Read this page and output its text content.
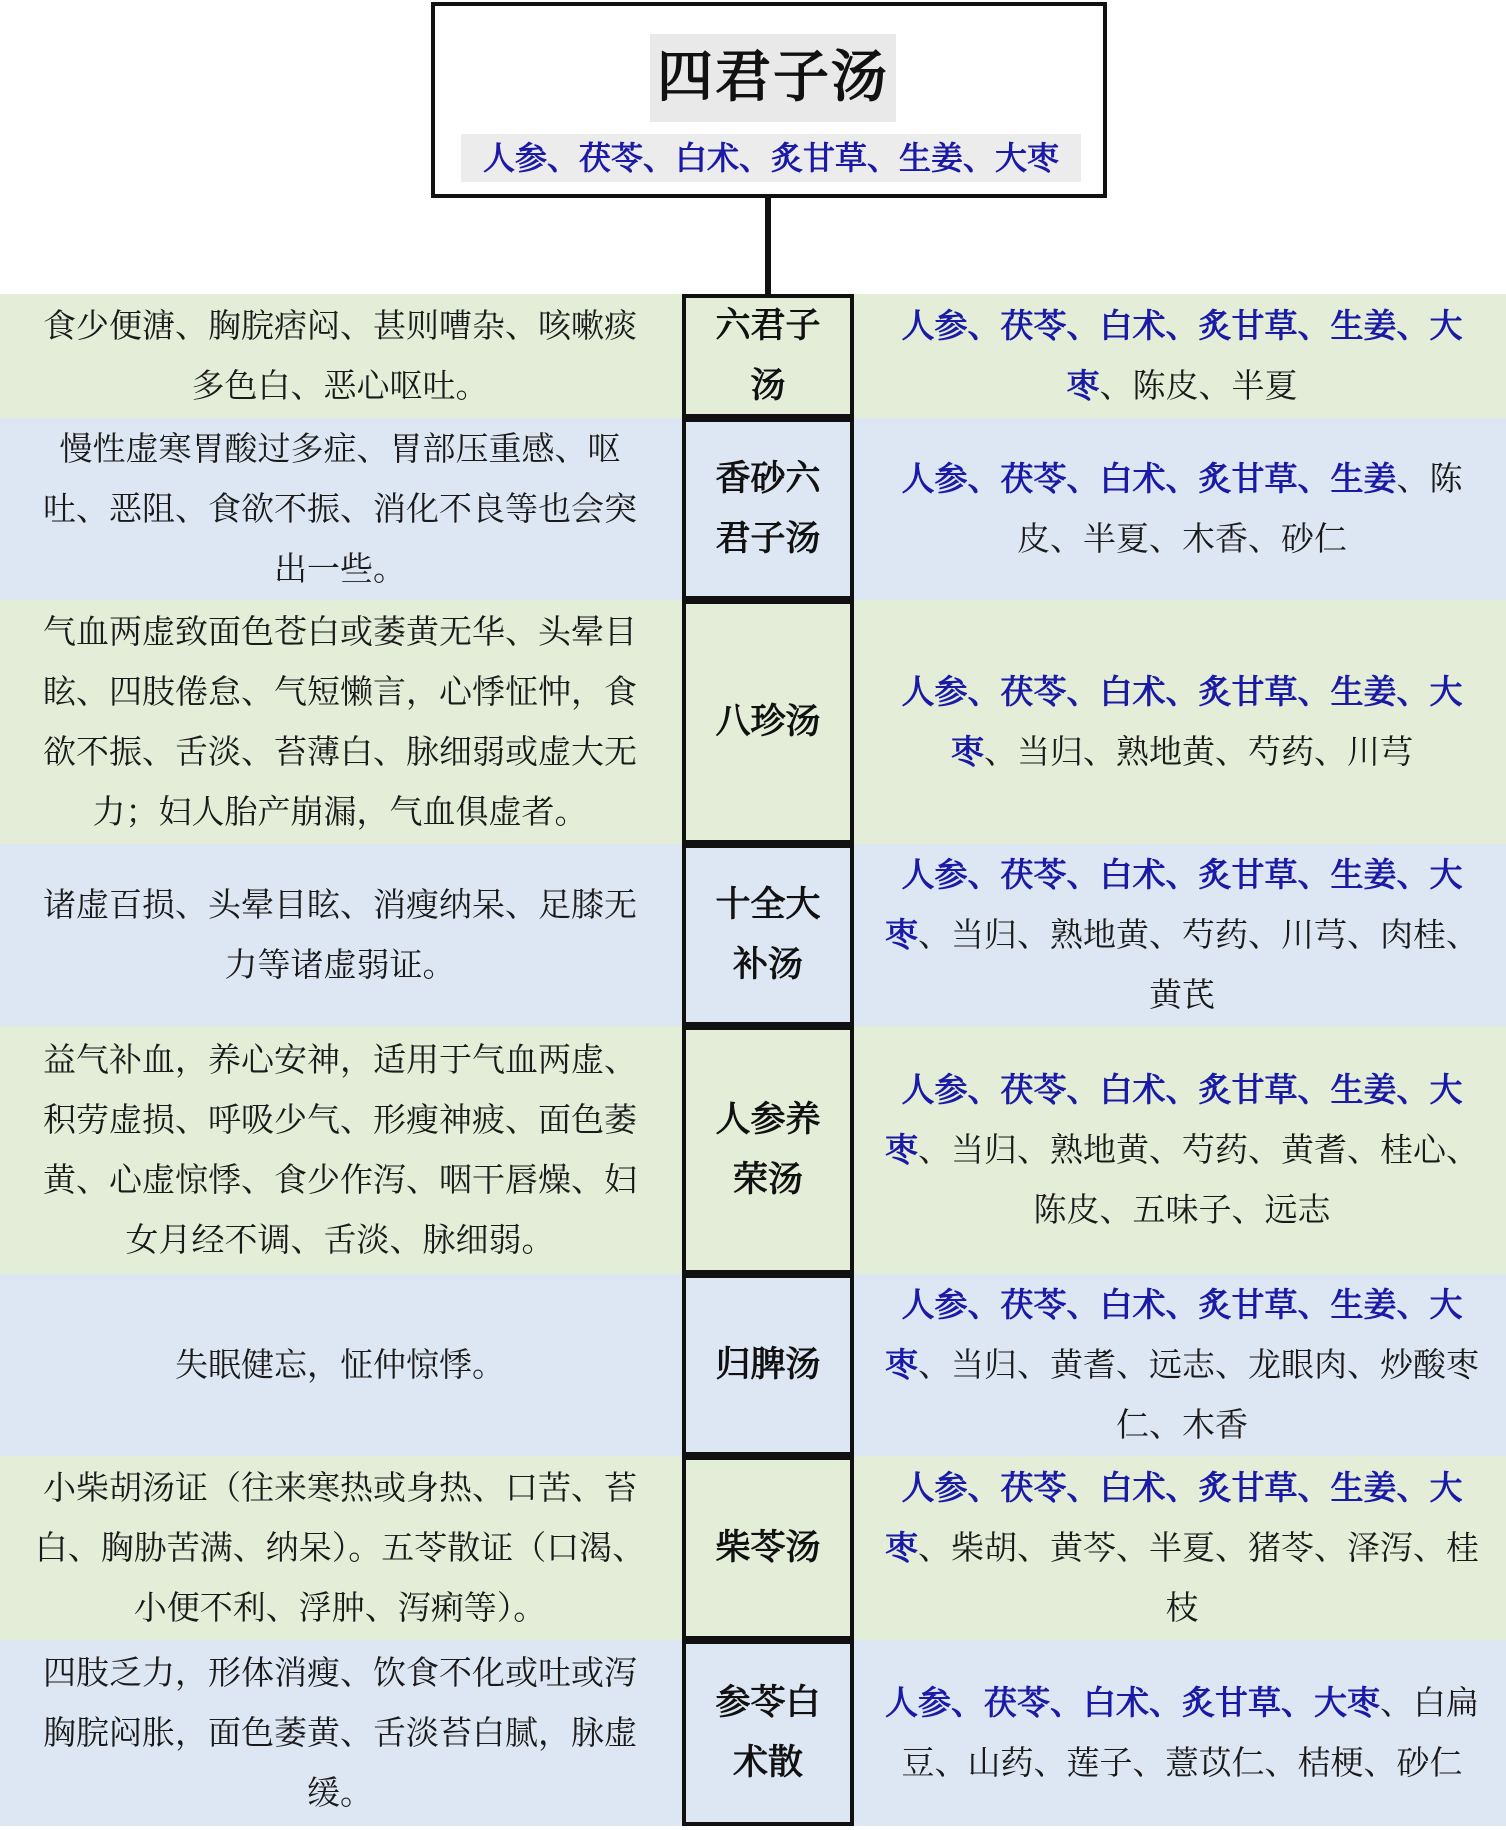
四君子汤
人参、茯苓、白术、炙甘草、生姜、大枣
食少便溏、胸脘痞闷、甚则嘈杂、咳嗽痰多色白、恶心呕吐。
六君子汤
人参、茯苓、白术、炙甘草、生姜、大枣、陈皮、半夏
慢性虚寒胃酸过多症、胃部压重感、呕吐、恶阻、食欲不振、消化不良等也会突出一些。
香砂六君子汤
人参、茯苓、白术、炙甘草、生姜、陈皮、半夏、木香、砂仁
气血两虚致面色苍白或萎黄无华、头晕目眩、四肢倦怠、气短懒言，心悸怔忡，食欲不振、舌淡、苔薄白、脉细弱或虚大无力；妇人胎产崩漏，气血俱虚者。
八珍汤
人参、茯苓、白术、炙甘草、生姜、大枣、当归、熟地黄、芍药、川芎
诸虚百损、头晕目眩、消瘦纳呆、足膝无力等诸虚弱证。
十全大补汤
人参、茯苓、白术、炙甘草、生姜、大枣、当归、熟地黄、芍药、川芎、肉桂、黄芪
益气补血，养心安神，适用于气血两虚、积劳虚损、呼吸少气、形瘦神疲、面色萎黄、心虚惊悸、食少作泻、咽干唇燥、妇女月经不调、舌淡、脉细弱。
人参养荣汤
人参、茯苓、白术、炙甘草、生姜、大枣、当归、熟地黄、芍药、黄耆、桂心、陈皮、五味子、远志
失眠健忘，怔仲惊悸。	归脾汤
人参、茯苓、白术、炙甘草、生姜、大枣、当归、黄耆、远志、龙眼肉、炒酸枣仁、木香
小柴胡汤证（往来寒热或身热、口苦、苔白、胸胁苦满、纳呆）。五苓散证（口渴、小便不利、浮肿、泻痢等）。
柴苓汤
人参、茯苓、白术、炙甘草、生姜、大枣、柴胡、黄芩、半夏、猪苓、泽泻、桂枝
四肢乏力，形体消瘦、饮食不化或吐或泻胸脘闷胀，面色萎黄、舌淡苔白腻，脉虚缓。
参苓白术散
人参、茯苓、白术、炙甘草、大枣、白扁豆、山药、莲子、薏苡仁、桔梗、砂仁
